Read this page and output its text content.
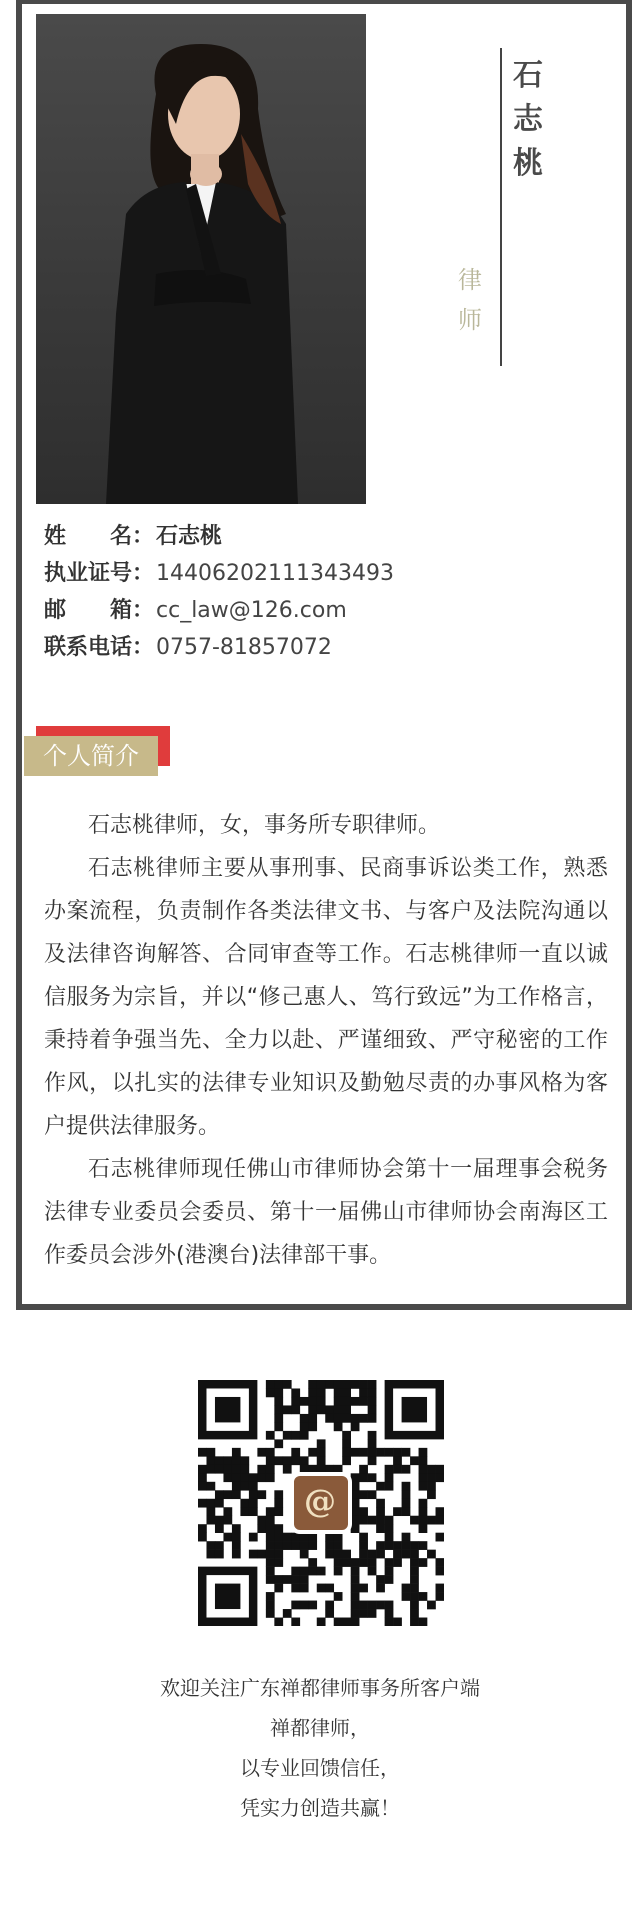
石
志
桃
律
师
姓　　名：石志桃
执业证号：14406202111343493
邮　　箱：cc_law@126.com
联系电话：0757-81857072
个人简介

石志桃律师，女，事务所专职律师。

石志桃律师主要从事刑事、民商事诉讼类工作，熟悉办案流程，负责制作各类法律文书、与客户及法院沟通以及法律咨询解答、合同审查等工作。石志桃律师一直以诚信服务为宗旨，并以“修己惠人、笃行致远”为工作格言，秉持着争强当先、全力以赴、严谨细致、严守秘密的工作作风，以扎实的法律专业知识及勤勉尽责的办事风格为客户提供法律服务。

石志桃律师现任佛山市律师协会第十一届理事会税务法律专业委员会委员、第十一届佛山市律师协会南海区工作委员会涉外(港澳台)法律部干事。

@

欢迎关注广东禅都律师事务所客户端

禅都律师，

以专业回馈信任，

凭实力创造共赢！
